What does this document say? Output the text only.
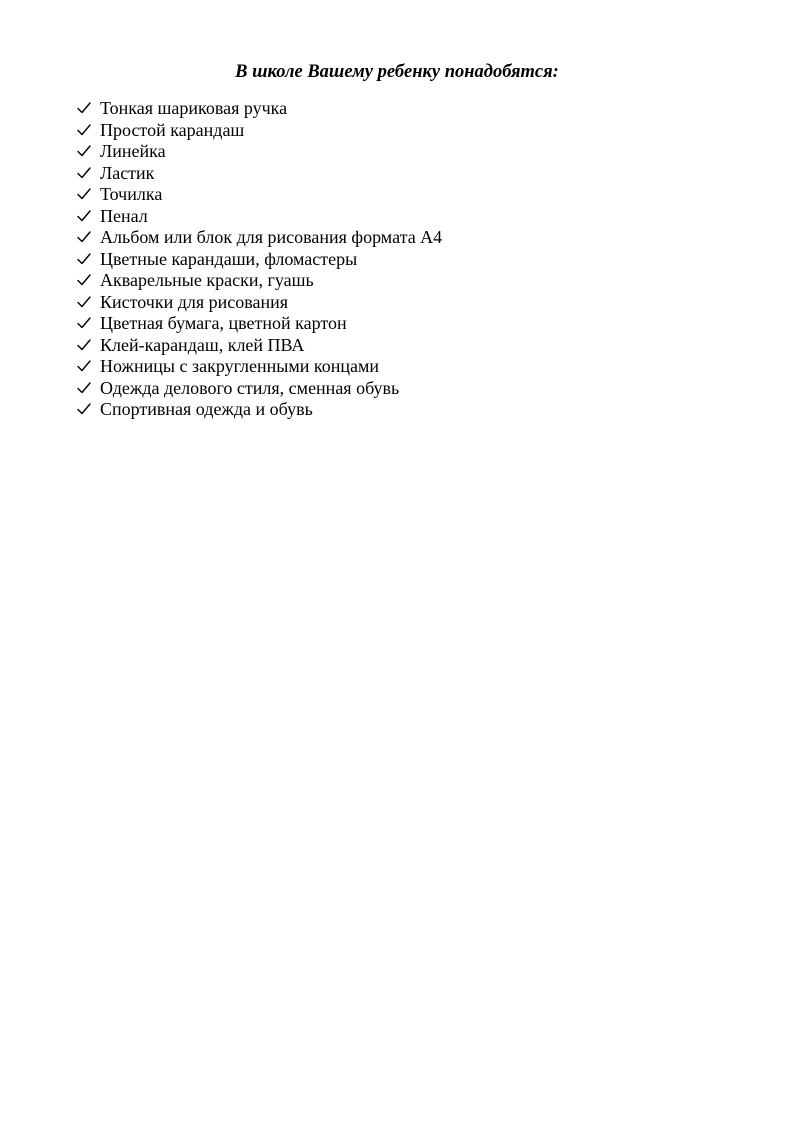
В школе Вашему ребенку понадобятся:
Тонкая шариковая ручка
Простой карандаш
Линейка
Ластик
Точилка
Пенал
Альбом или блок для рисования формата А4
Цветные карандаши, фломастеры
Акварельные краски, гуашь
Кисточки для рисования
Цветная бумага, цветной картон
Клей-карандаш, клей ПВА
Ножницы с закругленными концами
Одежда делового стиля, сменная обувь
Спортивная одежда и обувь
